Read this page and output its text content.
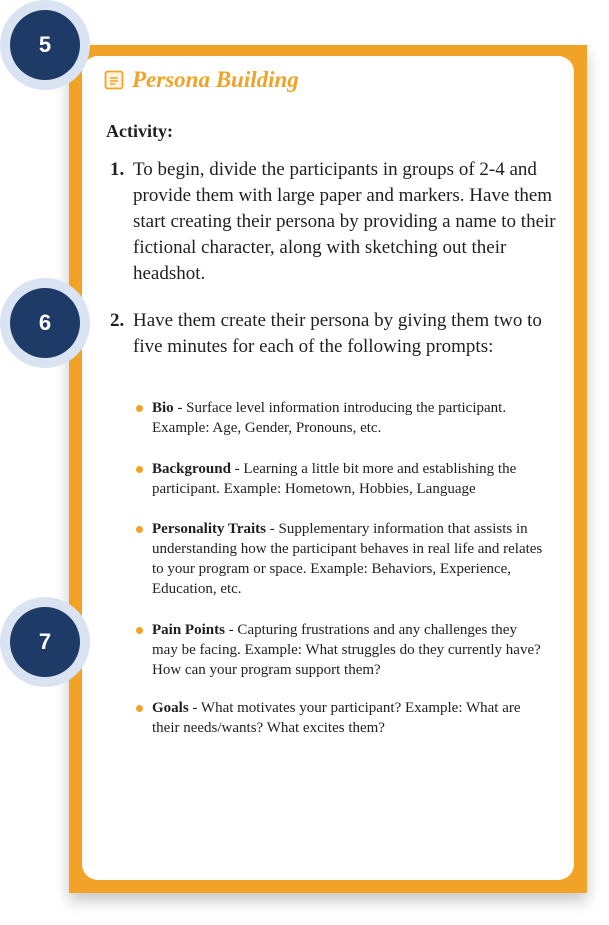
5
6
7
Persona Building
Activity:
1. To begin, divide the participants in groups of 2-4 and provide them with large paper and markers. Have them start creating their persona by providing a name to their fictional character, along with sketching out their headshot.
2. Have them create their persona by giving them two to five minutes for each of the following prompts:
Bio - Surface level information introducing the participant. Example: Age, Gender, Pronouns, etc.
Background - Learning a little bit more and establishing the participant. Example: Hometown, Hobbies, Language
Personality Traits - Supplementary information that assists in understanding how the participant behaves in real life and relates to your program or space. Example: Behaviors, Experience, Education, etc.
Pain Points - Capturing frustrations and any challenges they may be facing. Example: What struggles do they currently have? How can your program support them?
Goals - What motivates your participant? Example: What are their needs/wants? What excites them?
